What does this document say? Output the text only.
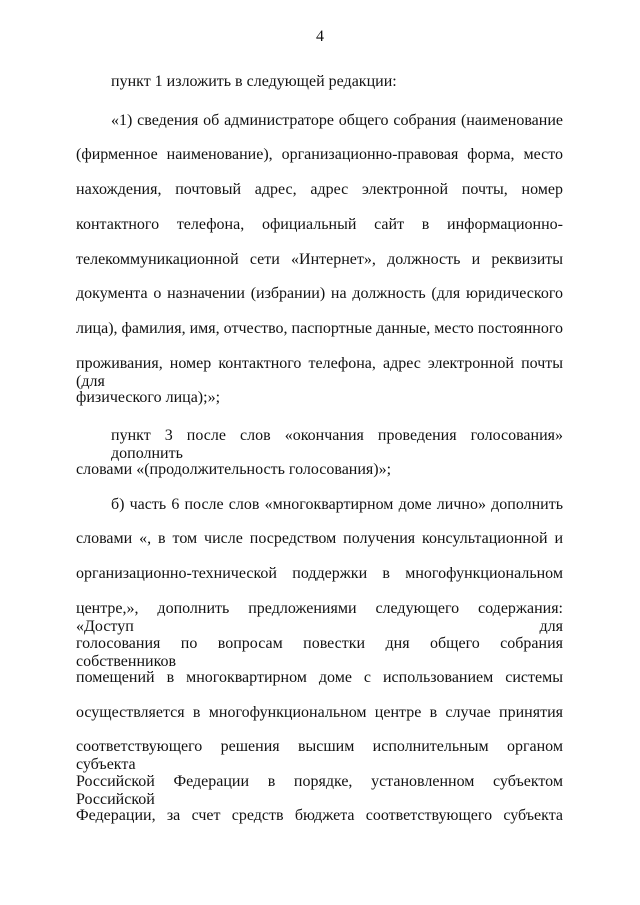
4
пункт 1 изложить в следующей редакции:
«1) сведения об администраторе общего собрания (наименование
(фирменное наименование), организационно-правовая форма, место
нахождения, почтовый адрес, адрес электронной почты, номер
контактного телефона, официальный сайт в информационно-
телекоммуникационной сети «Интернет», должность и реквизиты
документа о назначении (избрании) на должность (для юридического
лица), фамилия, имя, отчество, паспортные данные, место постоянного
проживания, номер контактного телефона, адрес электронной почты (для
физического лица);»;
пункт 3 после слов «окончания проведения голосования» дополнить
словами «(продолжительность голосования)»;
б) часть 6 после слов «многоквартирном доме лично» дополнить
словами «, в том числе посредством получения консультационной и
организационно-технической поддержки в многофункциональном
центре,», дополнить предложениями следующего содержания: «Доступ для
голосования по вопросам повестки дня общего собрания собственников
помещений в многоквартирном доме с использованием системы
осуществляется в многофункциональном центре в случае принятия
соответствующего решения высшим исполнительным органом субъекта
Российской Федерации в порядке, установленном субъектом Российской
Федерации, за счет средств бюджета соответствующего субъекта
